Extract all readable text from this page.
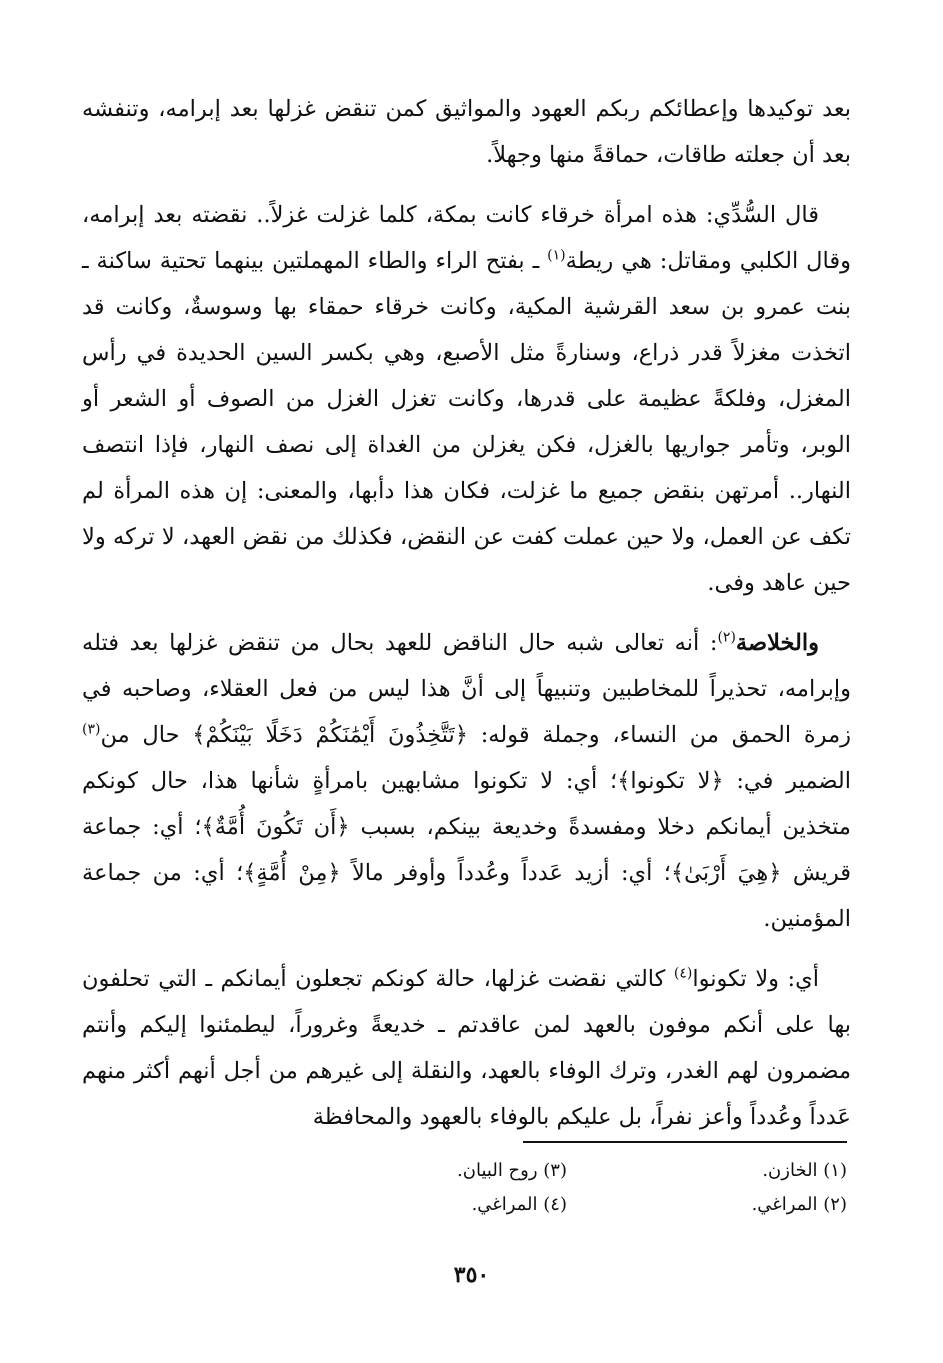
بعد توكيدها وإعطائكم ربكم العهود والمواثيق كمن تنقض غزلها بعد إبرامه، وتنفشه بعد أن جعلته طاقات، حماقةً منها وجهلاً.

قال السُّدِّي: هذه امرأة خرقاء كانت بمكة، كلما غزلت غزلاً.. نقضته بعد إبرامه، وقال الكلبي ومقاتل: هي ريطة$^{(١)}$ ـ بفتح الراء والطاء المهملتين بينهما تحتية ساكنة ـ بنت عمرو بن سعد القرشية المكية، وكانت خرقاء حمقاء بها وسوسةٌ، وكانت قد اتخذت مغزلاً قدر ذراع، وسنارةً مثل الأصبع، وهي بكسر السين الحديدة في رأس المغزل، وفلكةً عظيمة على قدرها، وكانت تغزل الغزل من الصوف أو الشعر أو الوبر، وتأمر جواريها بالغزل، فكن يغزلن من الغداة إلى نصف النهار، فإذا انتصف النهار.. أمرتهن بنقض جميع ما غزلت، فكان هذا دأبها، والمعنى: إن هذه المرأة لم تكف عن العمل، ولا حين عملت كفت عن النقض، فكذلك من نقض العهد، لا تركه ولا حين عاهد وفى.

والخلاصة$^{(٢)}$: أنه تعالى شبه حال الناقض للعهد بحال من تنقض غزلها بعد فتله وإبرامه، تحذيراً للمخاطبين وتنبيهاً إلى أنَّ هذا ليس من فعل العقلاء، وصاحبه في زمرة الحمق من النساء، وجملة قوله: ﴿تَتَّخِذُونَ أَيْمَٰنَكُمْ دَخَلًا بَيْنَكُمْ﴾ حال من$^{(٣)}$ الضمير في: ﴿لا تكونوا﴾؛ أي: لا تكونوا مشابهين بامرأةٍ شأنها هذا، حال كونكم متخذين أيمانكم دخلا ومفسدةً وخديعة بينكم، بسبب ﴿أَن تَكُونَ أُمَّةٌ﴾؛ أي: جماعة قريش ﴿هِيَ أَرْبَىٰ﴾؛ أي: أزيد عَدداً وعُدداً وأوفر مالاً ﴿مِنْ أُمَّةٍ﴾؛ أي: من جماعة المؤمنين.

أي: ولا تكونوا$^{(٤)}$ كالتي نقضت غزلها، حالة كونكم تجعلون أيمانكم ـ التي تحلفون بها على أنكم موفون بالعهد لمن عاقدتم ـ خديعةً وغروراً، ليطمئنوا إليكم وأنتم مضمرون لهم الغدر، وترك الوفاء بالعهد، والنقلة إلى غيرهم من أجل أنهم أكثر منهم عَدداً وعُدداً وأعز نفراً، بل عليكم بالوفاء بالعهود والمحافظة

(١) الخازن.
(٣) روح البيان.
(٢) المراغي.
(٤) المراغي.
٣٥٠
